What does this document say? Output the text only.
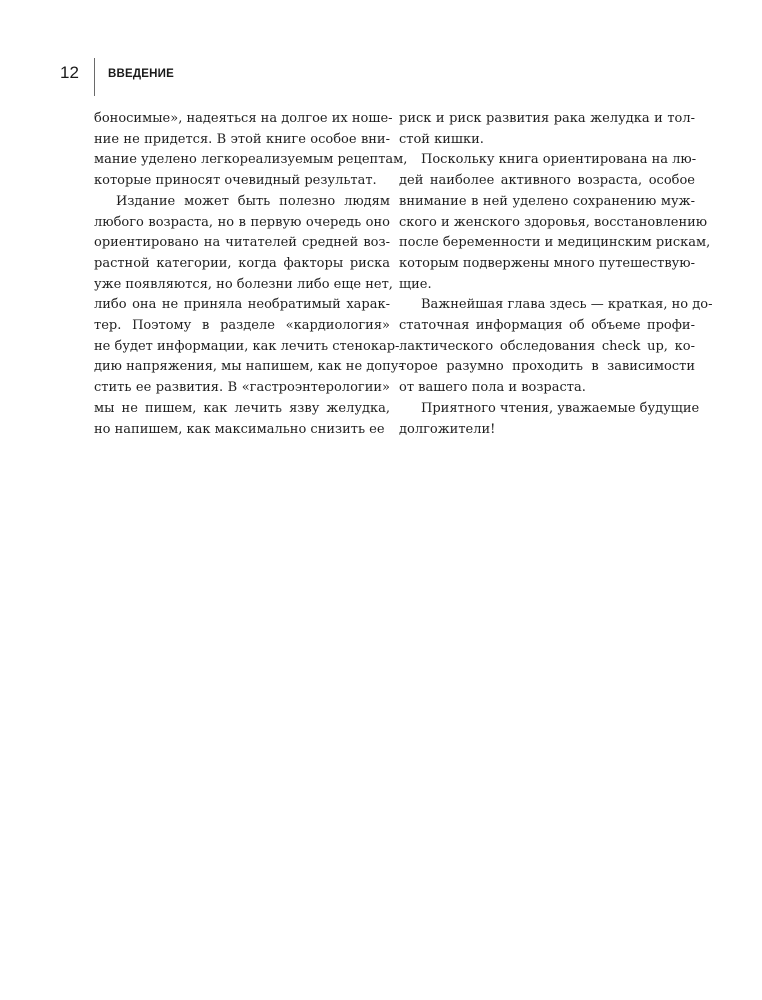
12	ВВЕДЕНИЕ
боносимые», надеяться на долгое их ноше-
ние не придется. В этой книге особое вни-
мание уделено легкореализуемым рецептам,
которые приносят очевидный результат.
Издание может быть полезно людям
любого возраста, но в первую очередь оно
ориентировано на читателей средней воз-
растной категории, когда факторы риска
уже появляются, но болезни либо еще нет,
либо она не приняла необратимый харак-
тер. Поэтому в разделе «кардиология»
не будет информации, как лечить стенокар-
дию напряжения, мы напишем, как не допу-
стить ее развития. В «гастроэнтерологии»
мы не пишем, как лечить язву желудка,
но напишем, как максимально снизить ее
риск и риск развития рака желудка и тол-
стой кишки.
Поскольку книга ориентирована на лю-
дей наиболее активного возраста, особое
внимание в ней уделено сохранению муж-
ского и женского здоровья, восстановлению
после беременности и медицинским рискам,
которым подвержены много путешествую-
щие.
Важнейшая глава здесь — краткая, но до-
статочная информация об объеме профи-
лактического обследования check up, ко-
торое разумно проходить в зависимости
от вашего пола и возраста.
Приятного чтения, уважаемые будущие
долгожители!
